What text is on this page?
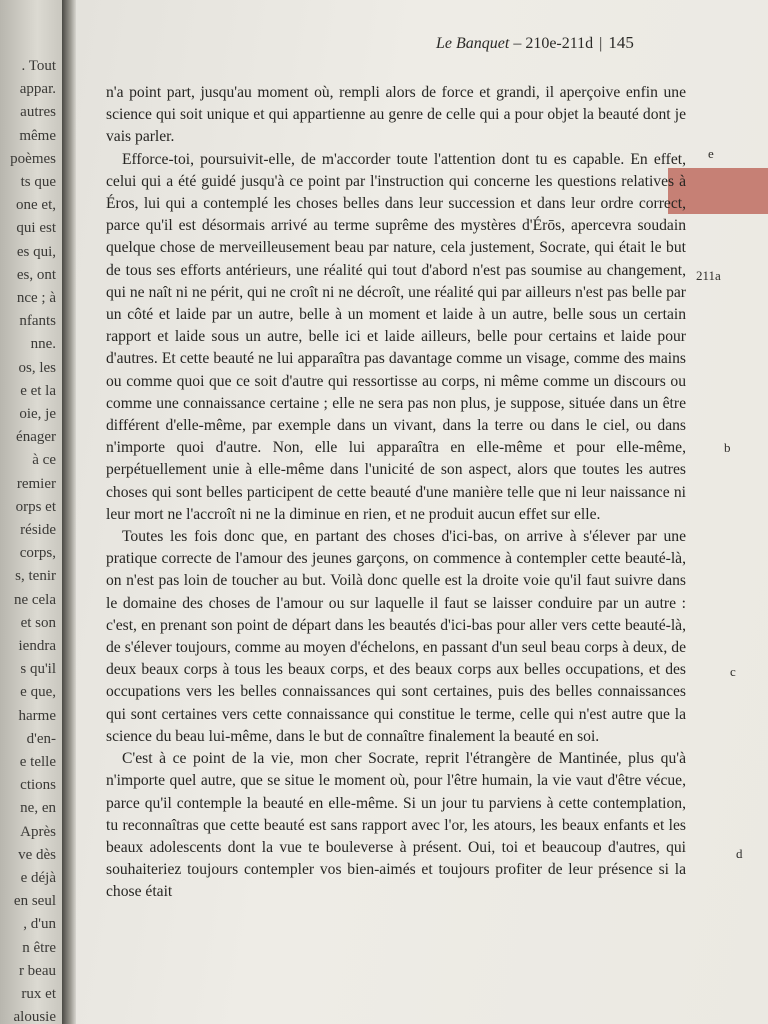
. Tout
appar.
autres
même
poèmes
ts que
one et,
qui est
es qui,
es, ont
nce ; à
nfants
nne.
os, les
e et la
oie, je
énager
à ce
remier
orps et
réside
corps,
s, tenir
ne cela
et son
iendra
s qu'il
e que,
harme
d'en-
e telle
ctions
ne, en
Après
ve dès
e déjà
en seul
, d'un
n être
r beau
rux et
alousie
Le Banquet – 210e-211d | 145

n'a point part, jusqu'au moment où, rempli alors de force et grandi, il aperçoive enfin une science qui soit unique et qui appartienne au genre de celle qui a pour objet la beauté dont je vais parler.

Efforce-toi, poursuivit-elle, de m'accorder toute l'attention dont tu es capable. En effet, celui qui a été guidé jusqu'à ce point par l'instruction qui concerne les questions relatives à Éros, lui qui a contemplé les choses belles dans leur succession et dans leur ordre correct, parce qu'il est désormais arrivé au terme suprême des mystères d'Érōs, apercevra soudain quelque chose de merveilleusement beau par nature, cela justement, Socrate, qui était le but de tous ses efforts antérieurs, une réalité qui tout d'abord n'est pas soumise au changement, qui ne naît ni ne périt, qui ne croît ni ne décroît, une réalité qui par ailleurs n'est pas belle par un côté et laide par un autre, belle à un moment et laide à un autre, belle sous un certain rapport et laide sous un autre, belle ici et laide ailleurs, belle pour certains et laide pour d'autres. Et cette beauté ne lui apparaîtra pas davantage comme un visage, comme des mains ou comme quoi que ce soit d'autre qui ressortisse au corps, ni même comme un discours ou comme une connaissance certaine ; elle ne sera pas non plus, je suppose, située dans un être différent d'elle-même, par exemple dans un vivant, dans la terre ou dans le ciel, ou dans n'importe quoi d'autre. Non, elle lui apparaîtra en elle-même et pour elle-même, perpétuellement unie à elle-même dans l'unicité de son aspect, alors que toutes les autres choses qui sont belles participent de cette beauté d'une manière telle que ni leur naissance ni leur mort ne l'accroît ni ne la diminue en rien, et ne produit aucun effet sur elle.

Toutes les fois donc que, en partant des choses d'ici-bas, on arrive à s'élever par une pratique correcte de l'amour des jeunes garçons, on commence à contempler cette beauté-là, on n'est pas loin de toucher au but. Voilà donc quelle est la droite voie qu'il faut suivre dans le domaine des choses de l'amour ou sur laquelle il faut se laisser conduire par un autre : c'est, en prenant son point de départ dans les beautés d'ici-bas pour aller vers cette beauté-là, de s'élever toujours, comme au moyen d'échelons, en passant d'un seul beau corps à deux, de deux beaux corps à tous les beaux corps, et des beaux corps aux belles occupations, et des occupations vers les belles connaissances qui sont certaines, puis des belles connaissances qui sont certaines vers cette connaissance qui constitue le terme, celle qui n'est autre que la science du beau lui-même, dans le but de connaître finalement la beauté en soi.

C'est à ce point de la vie, mon cher Socrate, reprit l'étrangère de Mantinée, plus qu'à n'importe quel autre, que se situe le moment où, pour l'être humain, la vie vaut d'être vécue, parce qu'il contemple la beauté en elle-même. Si un jour tu parviens à cette contemplation, tu reconnaîtras que cette beauté est sans rapport avec l'or, les atours, les beaux enfants et les beaux adolescents dont la vue te bouleverse à présent. Oui, toi et beaucoup d'autres, qui souhaiteriez toujours contempler vos bien-aimés et toujours profiter de leur présence si la chose était

e
211a
b
c
d
